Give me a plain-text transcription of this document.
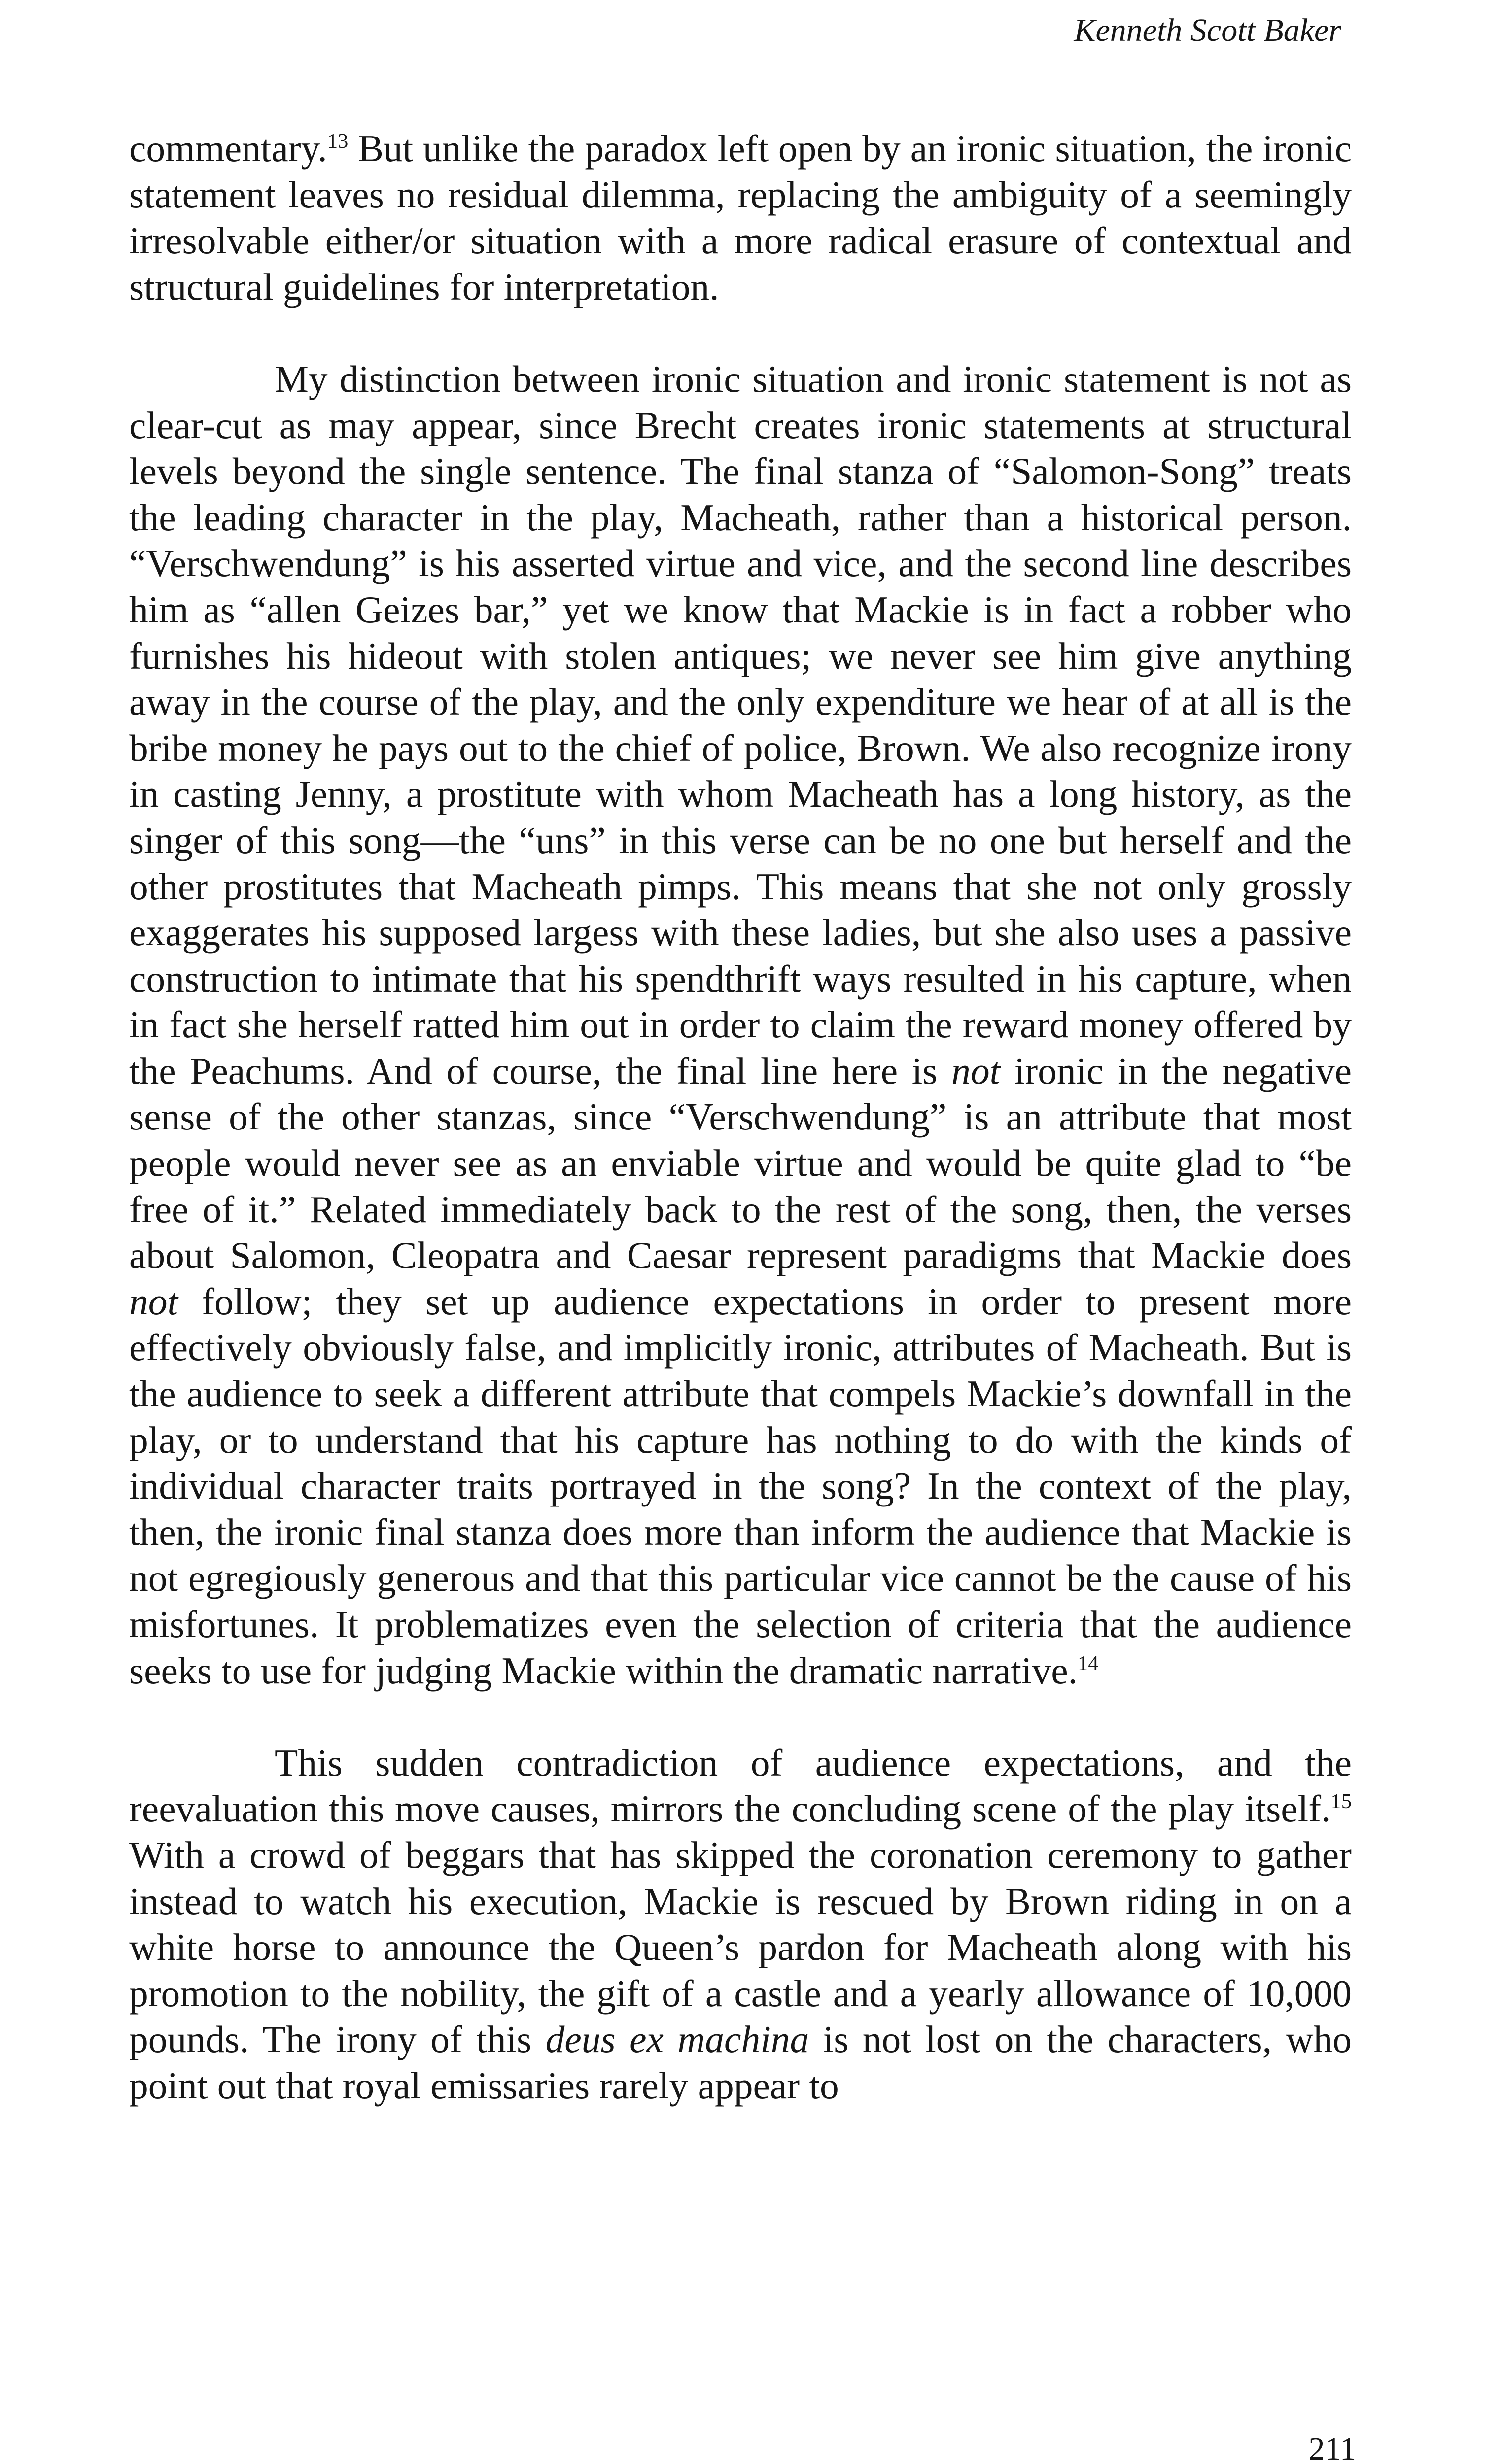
Kenneth Scott Baker

commentary.$^{13}$ But unlike the paradox left open by an ironic situation, the ironic statement leaves no residual dilemma, replacing the ambiguity of a seemingly irresolvable either/or situation with a more radical erasure of contextual and structural guidelines for interpretation.

My distinction between ironic situation and ironic statement is not as clear-cut as may appear, since Brecht creates ironic statements at structural levels beyond the single sentence. The final stanza of “Salomon-Song” treats the leading character in the play, Macheath, rather than a historical person. “Verschwendung” is his asserted virtue and vice, and the second line describes him as “allen Geizes bar,” yet we know that Mackie is in fact a robber who furnishes his hideout with stolen antiques; we never see him give anything away in the course of the play, and the only expenditure we hear of at all is the bribe money he pays out to the chief of police, Brown. We also recognize irony in casting Jenny, a prostitute with whom Macheath has a long history, as the singer of this song—the “uns” in this verse can be no one but herself and the other prostitutes that Macheath pimps. This means that she not only grossly exaggerates his supposed largess with these ladies, but she also uses a passive construction to intimate that his spendthrift ways resulted in his capture, when in fact she herself ratted him out in order to claim the reward money offered by the Peachums. And of course, the final line here is not ironic in the negative sense of the other stanzas, since “Verschwendung” is an attribute that most people would never see as an enviable virtue and would be quite glad to “be free of it.” Related immediately back to the rest of the song, then, the verses about Salomon, Cleopatra and Caesar represent paradigms that Mackie does not follow; they set up audience expectations in order to present more effectively obviously false, and implicitly ironic, attributes of Macheath. But is the audience to seek a different attribute that compels Mackie’s downfall in the play, or to understand that his capture has nothing to do with the kinds of individual character traits portrayed in the song? In the context of the play, then, the ironic final stanza does more than inform the audience that Mackie is not egregiously generous and that this particular vice cannot be the cause of his misfortunes. It problematizes even the selection of criteria that the audience seeks to use for judging Mackie within the dramatic narrative.$^{14}$

This sudden contradiction of audience expectations, and the reevaluation this move causes, mirrors the concluding scene of the play itself.$^{15}$ With a crowd of beggars that has skipped the coronation ceremony to gather instead to watch his execution, Mackie is rescued by Brown riding in on a white horse to announce the Queen’s pardon for Macheath along with his promotion to the nobility, the gift of a castle and a yearly allowance of 10,000 pounds. The irony of this deus ex machina is not lost on the characters, who point out that royal emissaries rarely appear to

211
